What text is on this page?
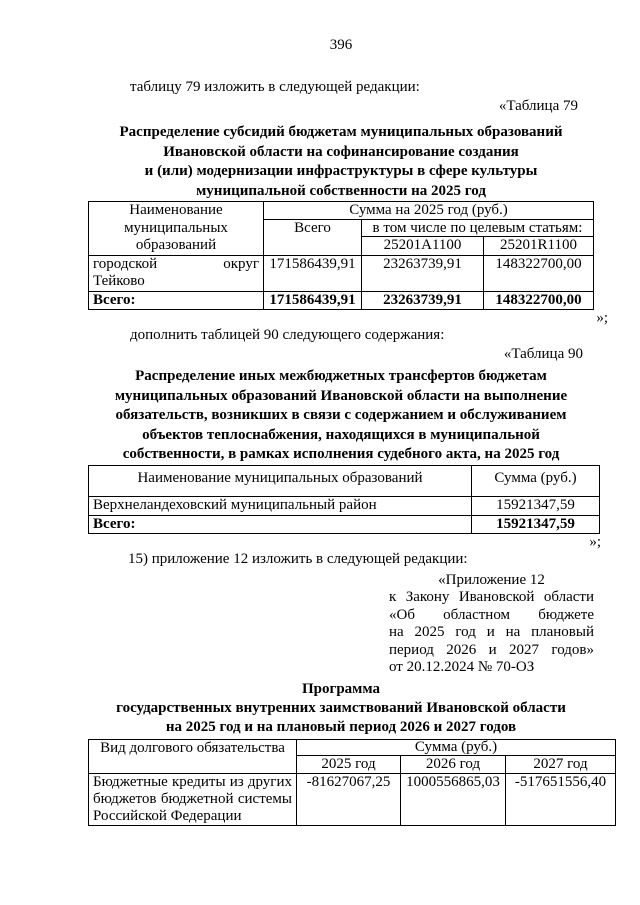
396
таблицу 79 изложить в следующей редакции:
«Таблица 79
Распределение субсидий бюджетам муниципальных образований
Ивановской области на софинансирование создания
и (или) модернизации инфраструктуры в сфере культуры
муниципальной собственности на 2025 год
Наименование
муниципальных
образований	Сумма на 2025 год (руб.)		
	Всего	в том числе по целевым статьям:	
		25201A1100	25201R1100

городской округ
Тейково	171586439,91	23263739,91	148322700,00
Всего:	171586439,91	23263739,91	148322700,00
»;
дополнить таблицей 90 следующего содержания:
«Таблица 90
Распределение иных межбюджетных трансфертов бюджетам
муниципальных образований Ивановской области на выполнение
обязательств, возникших в связи с содержанием и обслуживанием
объектов теплоснабжения, находящихся в муниципальной
собственности, в рамках исполнения судебного акта, на 2025 год
Наименование муниципальных образований	Сумма (руб.)
Верхнеландеховский муниципальный район	15921347,59
Всего:	15921347,59
»;
15) приложение 12 изложить в следующей редакции:
«Приложение 12
к Закону Ивановской области
«Об областном бюджете
на 2025 год и на плановый
период 2026 и 2027 годов»
от 20.12.2024 № 70-ОЗ
Программа
государственных внутренних заимствований Ивановской области
на 2025 год и на плановый период 2026 и 2027 годов
Вид долгового обязательства	Сумма (руб.)		
	2025 год	2026 год	2027 год
Бюджетные кредиты из других бюджетов бюджетной системы Российской Федерации	-81627067,25	1000556865,03	-517651556,40
